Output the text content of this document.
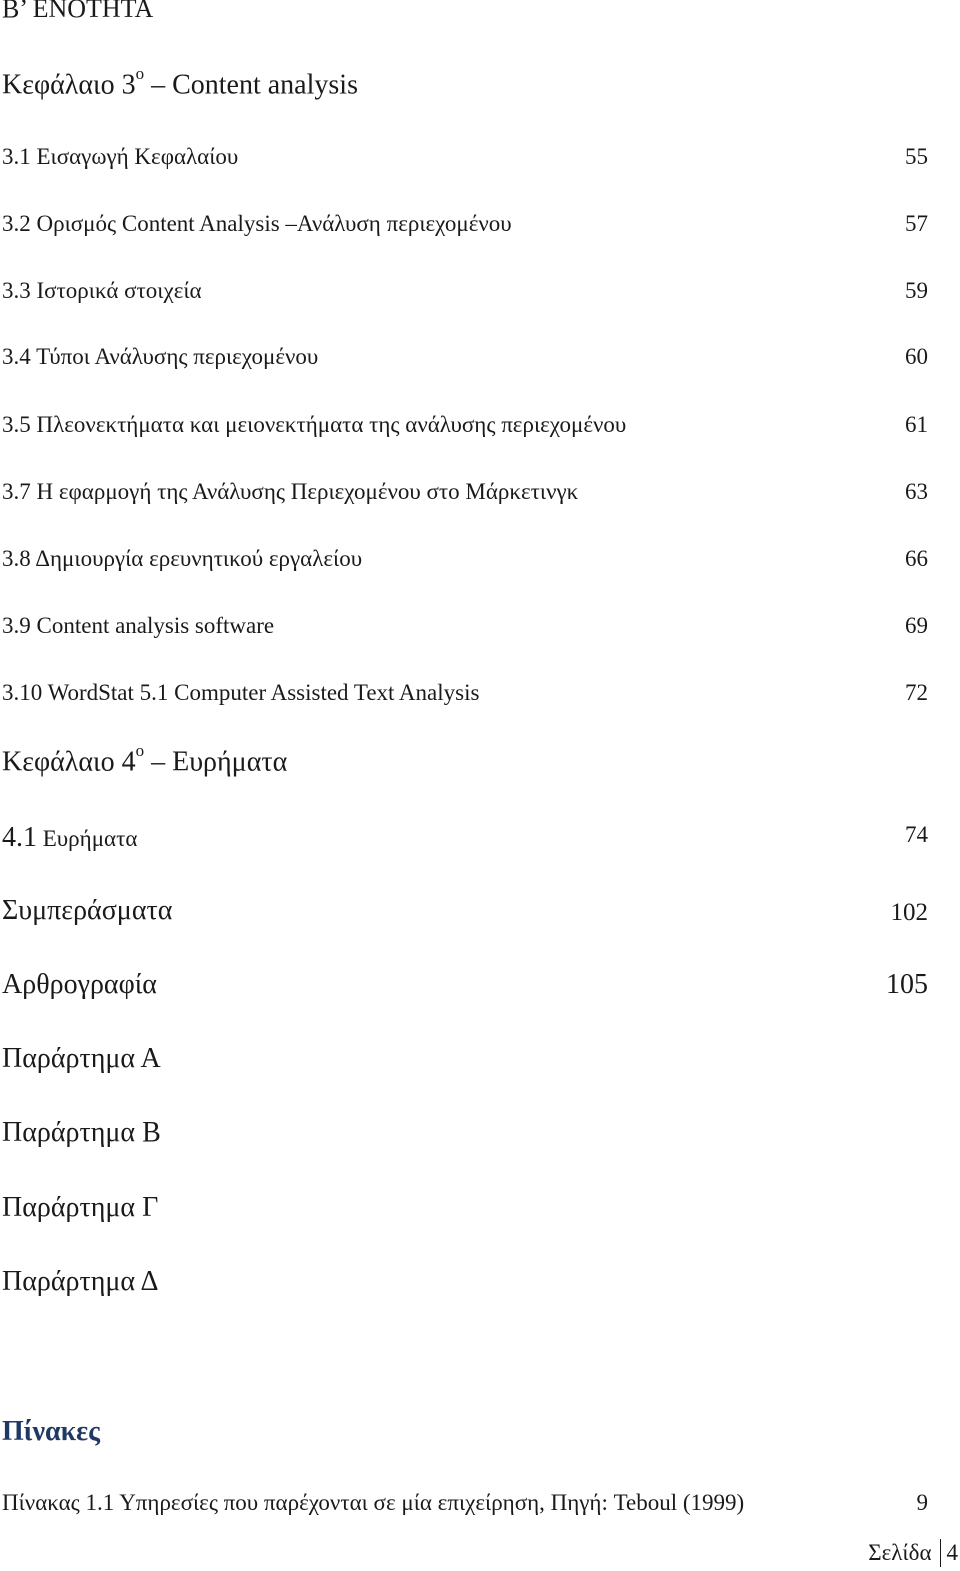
Β’ ΕΝΟΤΗΤΑ
Κεφάλαιο $3^o$ – Content analysis
3.1 Εισαγωγή Κεφαλαίου	55
3.2 Ορισμός Content Analysis –Ανάλυση περιεχομένου	57
3.3 Ιστορικά στοιχεία	59
3.4 Τύποι Ανάλυσης περιεχομένου	60
3.5 Πλεονεκτήματα και μειονεκτήματα της ανάλυσης περιεχομένου	61
3.7 Η εφαρμογή της Ανάλυσης Περιεχομένου στο Μάρκετινγκ	63
3.8 Δημιουργία ερευνητικού εργαλείου	66
3.9 Content analysis software	69
3.10 WordStat 5.1 Computer Assisted Text Analysis	72
Κεφάλαιο $4^o$ – Ευρήματα
4.1 Ευρήματα	74
Συμπεράσματα	102
Αρθρογραφία	105
Παράρτημα Α
Παράρτημα Β
Παράρτημα Γ
Παράρτημα Δ
Πίνακες
Πίνακας 1.1 Υπηρεσίες που παρέχονται σε μία επιχείρηση, Πηγή: Teboul (1999)	9
Σελίδα 4
